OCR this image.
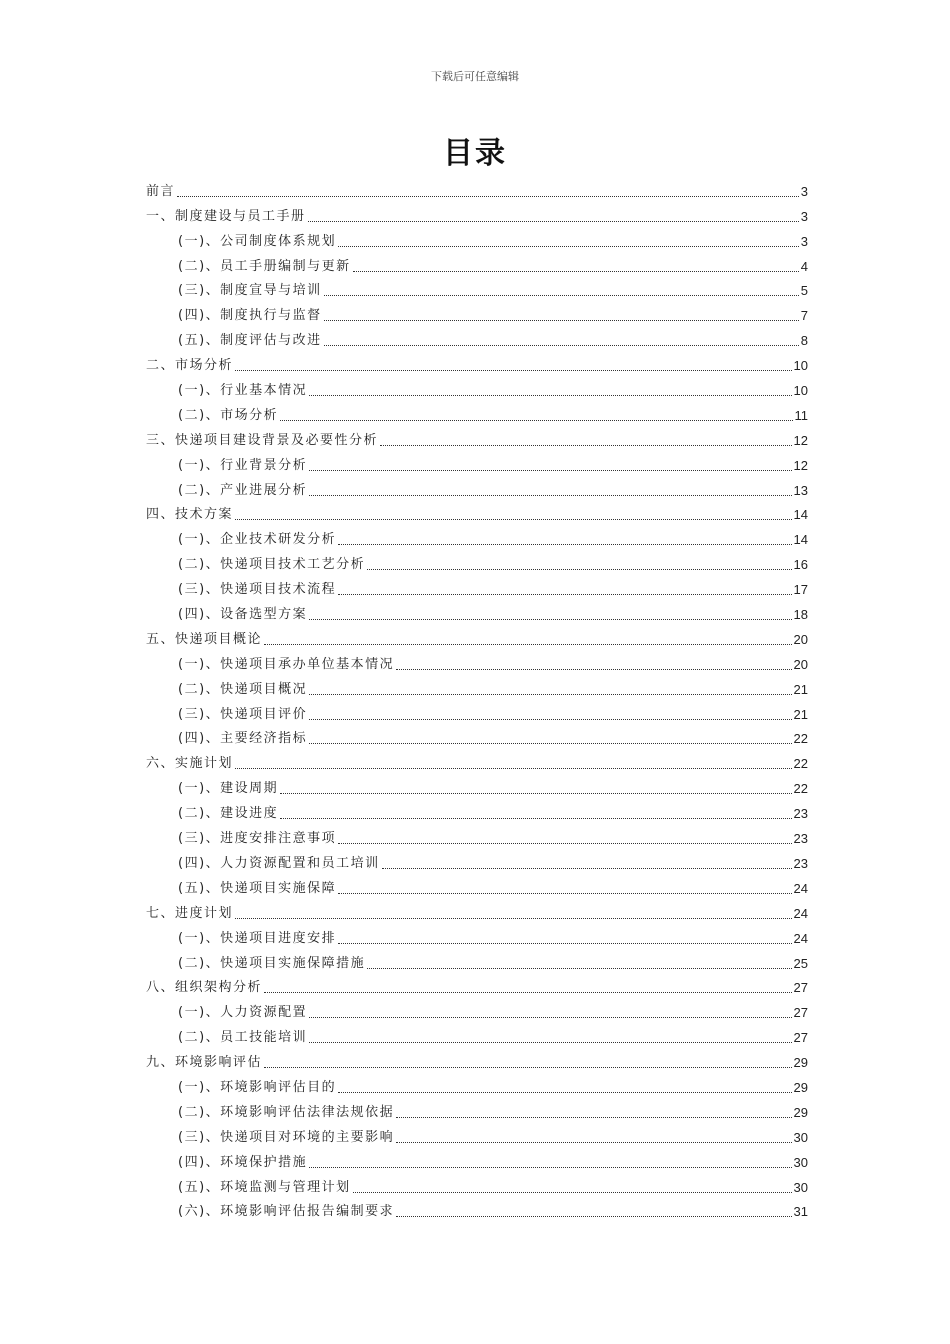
下载后可任意编辑
目录
前言	3
一、制度建设与员工手册	3
(一)、公司制度体系规划	3
(二)、员工手册编制与更新	4
(三)、制度宣导与培训	5
(四)、制度执行与监督	7
(五)、制度评估与改进	8
二、市场分析	10
(一)、行业基本情况	10
(二)、市场分析	11
三、快递项目建设背景及必要性分析	12
(一)、行业背景分析	12
(二)、产业进展分析	13
四、技术方案	14
(一)、企业技术研发分析	14
(二)、快递项目技术工艺分析	16
(三)、快递项目技术流程	17
(四)、设备选型方案	18
五、快递项目概论	20
(一)、快递项目承办单位基本情况	20
(二)、快递项目概况	21
(三)、快递项目评价	21
(四)、主要经济指标	22
六、实施计划	22
(一)、建设周期	22
(二)、建设进度	23
(三)、进度安排注意事项	23
(四)、人力资源配置和员工培训	23
(五)、快递项目实施保障	24
七、进度计划	24
(一)、快递项目进度安排	24
(二)、快递项目实施保障措施	25
八、组织架构分析	27
(一)、人力资源配置	27
(二)、员工技能培训	27
九、环境影响评估	29
(一)、环境影响评估目的	29
(二)、环境影响评估法律法规依据	29
(三)、快递项目对环境的主要影响	30
(四)、环境保护措施	30
(五)、环境监测与管理计划	30
(六)、环境影响评估报告编制要求	31
